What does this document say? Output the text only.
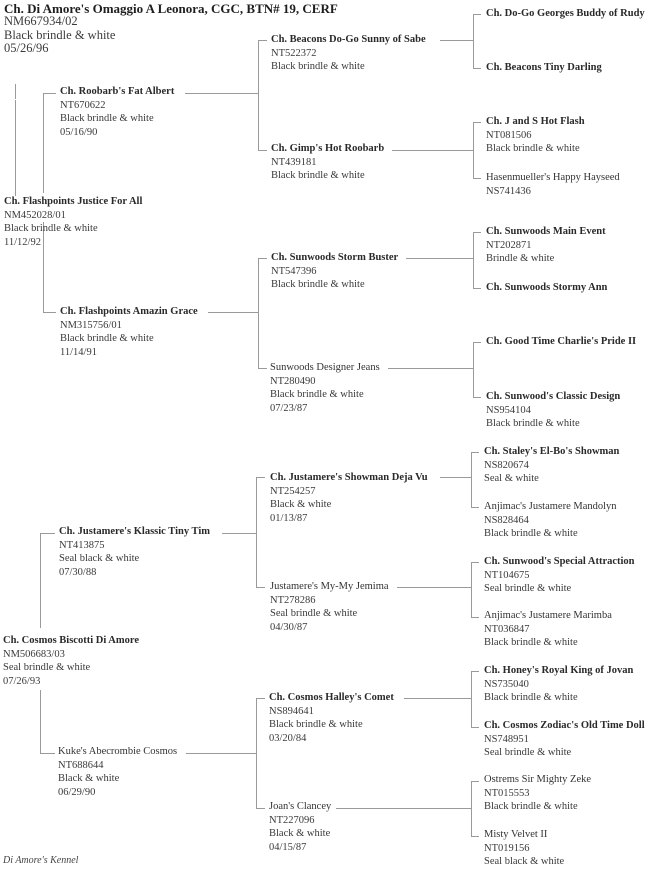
Ch. Di Amore's Omaggio A Leonora, CGC, BTN# 19, CERF
NM667934/02
Black brindle & white
05/26/96
Ch. Flashpoints Justice For All
NM452028/01
Black brindle & white
11/12/92
Ch. Cosmos Biscotti Di Amore
NM506683/03
Seal brindle & white
07/26/93
Ch. Roobarb's Fat Albert
NT670622
Black brindle & white
05/16/90
Ch. Flashpoints Amazin Grace
NM315756/01
Black brindle & white
11/14/91
Ch. Justamere's Klassic Tiny Tim
NT413875
Seal black & white
07/30/88
Kuke's Abecrombie Cosmos
NT688644
Black & white
06/29/90
Ch. Beacons Do-Go Sunny of Sabe
NT522372
Black brindle & white
Ch. Gimp's Hot Roobarb
NT439181
Black brindle & white
Ch. Sunwoods Storm Buster
NT547396
Black brindle & white
Sunwoods Designer Jeans
NT280490
Black brindle & white
07/23/87
Ch. Justamere's Showman Deja Vu
NT254257
Black & white
01/13/87
Justamere's My-My Jemima
NT278286
Seal brindle & white
04/30/87
Ch. Cosmos Halley's Comet
NS894641
Black brindle & white
03/20/84
Joan's Clancey
NT227096
Black & white
04/15/87
Ch. Do-Go Georges Buddy of Rudy
Ch. Beacons Tiny Darling
Ch. J and S Hot Flash
NT081506
Black brindle & white
Hasenmueller's Happy Hayseed
NS741436
Ch. Sunwoods Main Event
NT202871
Brindle & white
Ch. Sunwoods Stormy Ann
Ch. Good Time Charlie's Pride II
Ch. Sunwood's Classic Design
NS954104
Black brindle & white
Ch. Staley's El-Bo's Showman
NS820674
Seal & white
Anjimac's Justamere Mandolyn
NS828464
Black brindle & white
Ch. Sunwood's Special Attraction
NT104675
Seal brindle & white
Anjimac's Justamere Marimba
NT036847
Black brindle & white
Ch. Honey's Royal King of Jovan
NS735040
Black brindle & white
Ch. Cosmos Zodiac's Old Time Doll
NS748951
Seal brindle & white
Ostrems Sir Mighty Zeke
NT015553
Black brindle & white
Misty Velvet II
NT019156
Seal black & white
Di Amore's Kennel
